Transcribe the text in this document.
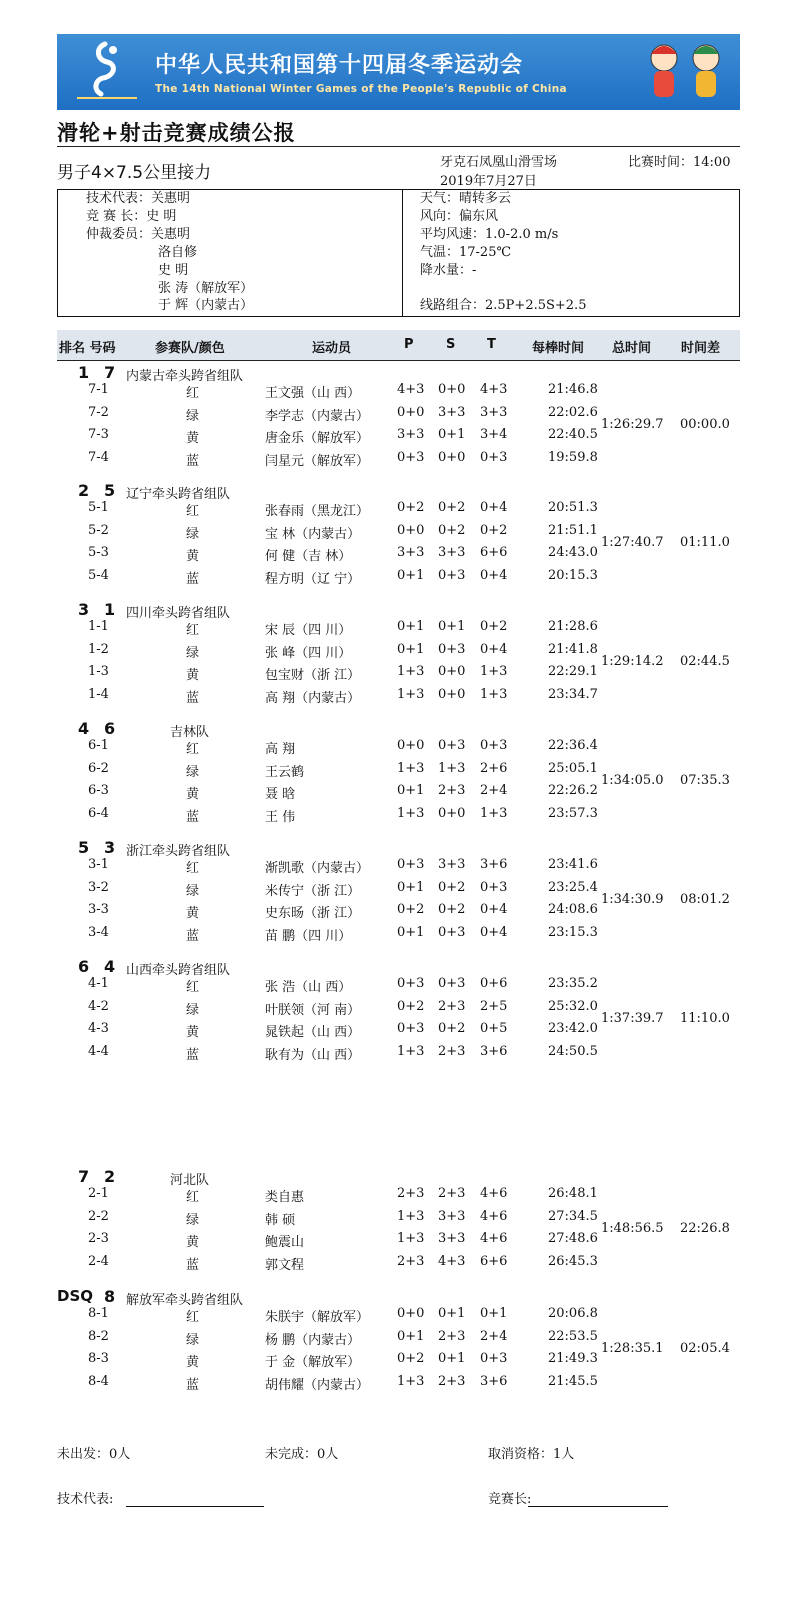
中华人民共和国第十四届冬季运动会
The 14th National Winter Games of the People's Republic of China
滑轮+射击竞赛成绩公报
男子4×7.5公里接力
牙克石凤凰山滑雪场
2019年7月27日
比赛时间：14:00
技术代表：关惠明
竞 赛 长：史 明
仲裁委员：关惠明
洛自修
史 明
张 涛（解放军）
于 辉（内蒙古）
天气：晴转多云
风向：偏东风
平均风速：1.0-2.0 m/s
气温：17-25℃
降水量：-
线路组合：2.5P+2.5S+2.5
排名 号码	参赛队/颜色	运动员	P S T	每棒时间 总时间 时间差
1 7 内蒙古牵头跨省组队
7-1	红	王文强（山 西）	4+3 0+0 4+3	21:46.8
7-2	绿	李学志（内蒙古） 0+0 3+3 3+3	22:02.6
7-3	黄	唐金乐（解放军） 3+3 0+1 3+4	22:40.5
7-4	蓝	闫星元（解放军） 0+3 0+0 0+3	19:59.8
1:26:29.7 00:00.0
2 5 辽宁牵头跨省组队
5-1	红	张春雨（黑龙江） 0+2 0+2 0+4	20:51.3
5-2	绿	宝 林（内蒙古）	0+0 0+2 0+2	21:51.1
5-3	黄	何 健（吉 林）	3+3 3+3 6+6	24:43.0
5-4	蓝	程方明（辽 宁）	0+1 0+3 0+4	20:15.3
1:27:40.7 01:11.0
3 1 四川牵头跨省组队
1-1	红	宋 辰（四 川）	0+1 0+1 0+2	21:28.6
1-2	绿	张 峰（四 川）	0+1 0+3 0+4	21:41.8
1-3	黄	包宝财（浙 江）	1+3 0+0 1+3	22:29.1
1-4	蓝	高 翔（内蒙古）	1+3 0+0 1+3	23:34.7
1:29:14.2 02:44.5
4 6	吉林队
6-1	红	高 翔	0+0 0+3 0+3	22:36.4
6-2	绿	王云鹤	1+3 1+3 2+6	25:05.1
6-3	黄	聂 晗	0+1 2+3 2+4	22:26.2
6-4	蓝	王 伟	1+3 0+0 1+3	23:57.3
1:34:05.0 07:35.3
5 3 浙江牵头跨省组队
3-1	红	渐凯歌（内蒙古） 0+3 3+3 3+6	23:41.6
3-2	绿	米传宁（浙 江）	0+1 0+2 0+3	23:25.4
3-3	黄	史东旸（浙 江）	0+2 0+2 0+4	24:08.6
3-4	蓝	苗 鹏（四 川）	0+1 0+3 0+4	23:15.3
1:34:30.9 08:01.2
6 4 山西牵头跨省组队
4-1	红	张 浩（山 西）	0+3 0+3 0+6	23:35.2
4-2	绿	叶朕领（河 南）	0+2 2+3 2+5	25:32.0
4-3	黄	晁铁起（山 西）	0+3 0+2 0+5	23:42.0
4-4	蓝	耿有为（山 西）	1+3 2+3 3+6	24:50.5
1:37:39.7 11:10.0
7 2	河北队
2-1	红	类自惠	2+3 2+3 4+6	26:48.1
2-2	绿	韩 硕	1+3 3+3 4+6	27:34.5
2-3	黄	鲍震山	1+3 3+3 4+6	27:48.6
2-4	蓝	郭文程	2+3 4+3 6+6	26:45.3
1:48:56.5 22:26.8
DSQ 8 解放军牵头跨省组队
8-1	红	朱朕宇（解放军） 0+0 0+1 0+1	20:06.8
8-2	绿	杨 鹏（内蒙古）	0+1 2+3 2+4	22:53.5
8-3	黄	于 金（解放军）	0+2 0+1 0+3	21:49.3
8-4	蓝	胡伟耀（内蒙古） 1+3 2+3 3+6	21:45.5
1:28:35.1 02:05.4
未出发：0人	未完成：0人	取消资格：1人
技术代表:	竞赛长:
